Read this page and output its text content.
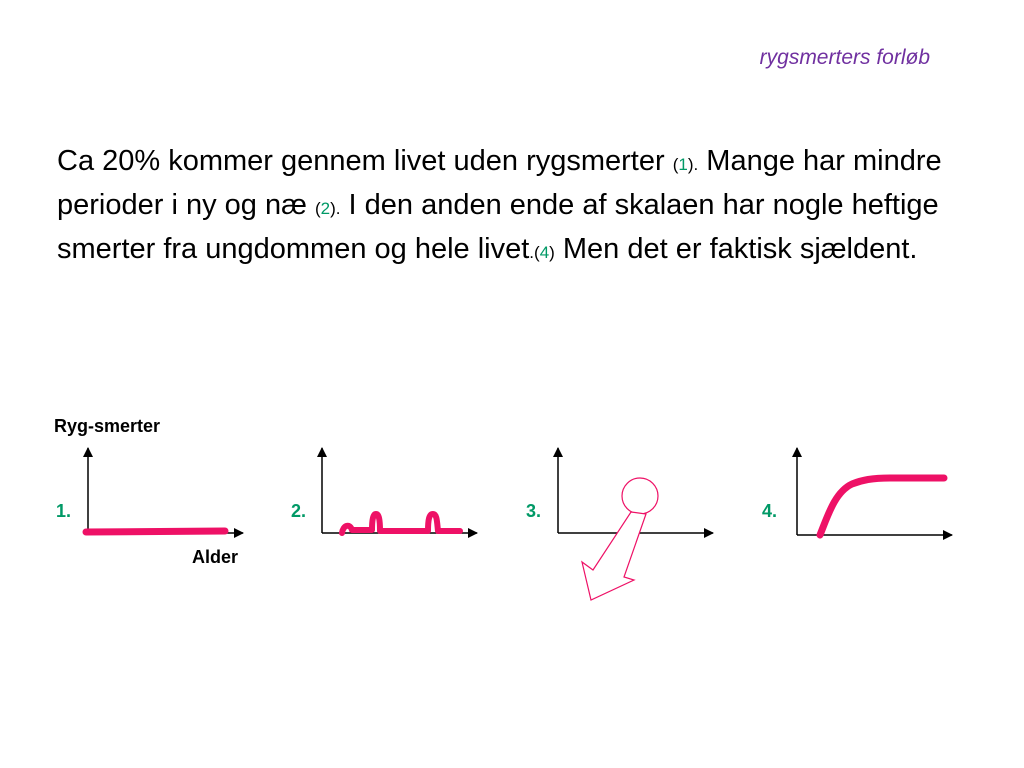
rygsmerters forløb
Ca 20% kommer gennem livet uden rygsmerter (1). Mange har mindre perioder i ny og næ (2). I den anden ende af skalaen har nogle heftige smerter fra ungdommen og hele livet.(4) Men det er faktisk sjældent.
Ryg-smerter
Alder
1.	2.	3.	4.
